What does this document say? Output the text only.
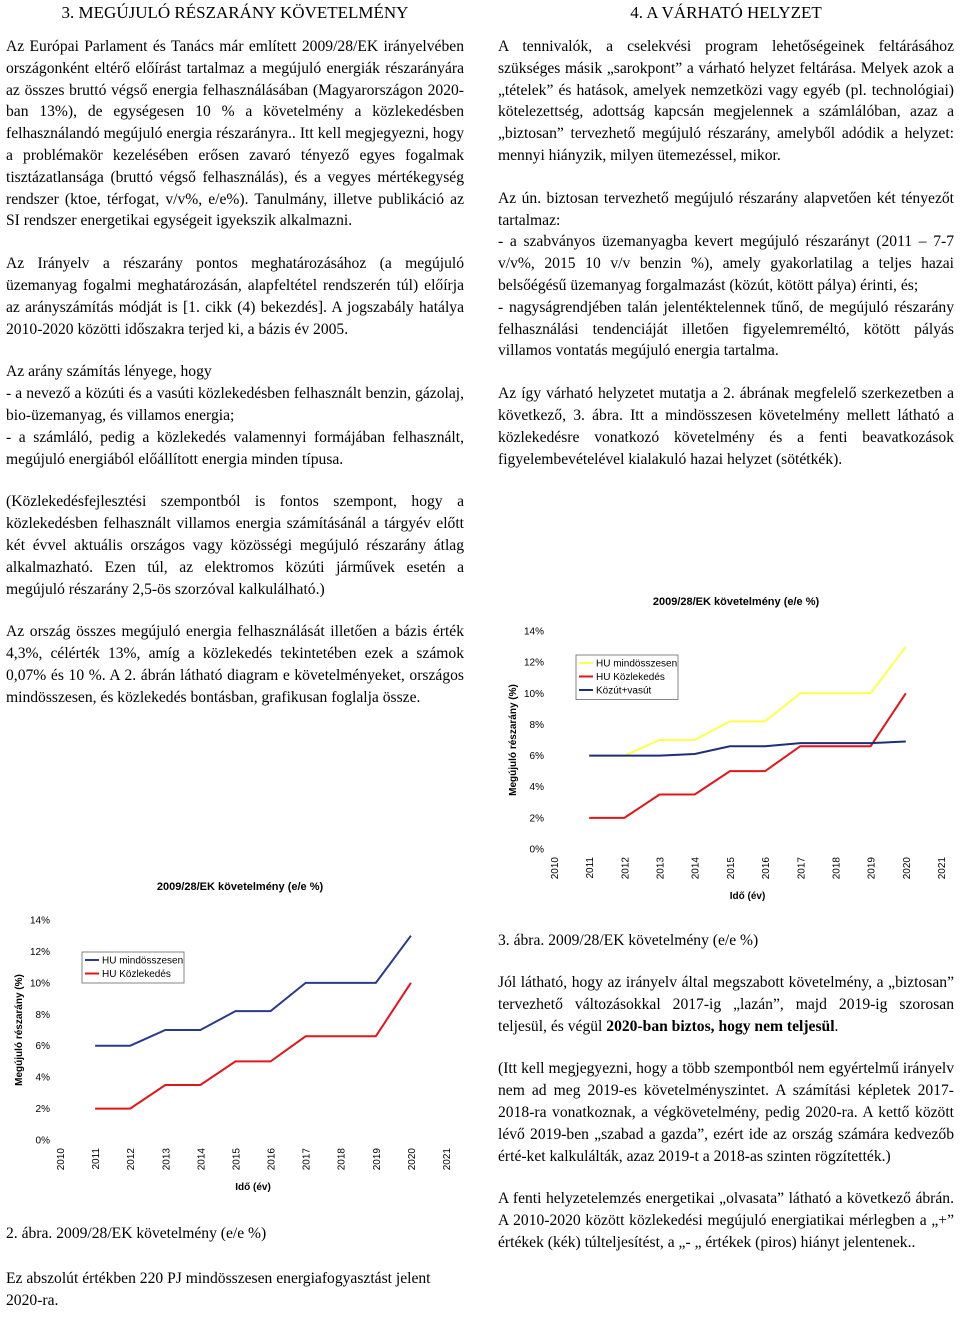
3. MEGÚJULÓ RÉSZARÁNY KÖVETELMÉNY

Az Európai Parlament és Tanács már említett 2009/28/EK irányelvében országonként eltérő előírást tartalmaz a megújuló energiák részarányára az összes bruttó végső energia felhasználásában (Magyarországon 2020-ban 13%), de egységesen 10 % a követelmény a közlekedésben felhasználandó megújuló energia részarányra.. Itt kell megjegyezni, hogy a problémakör kezelésében erősen zavaró tényező egyes fogalmak tisztázatlansága (bruttó végső felhasználás), és a vegyes mértékegység rendszer (ktoe, térfogat, v/v%, e/e%). Tanulmány, illetve publikáció az SI rendszer energetikai egységeit igyekszik alkalmazni.

Az Irányelv a részarány pontos meghatározásához (a megújuló üzemanyag fogalmi meghatározásán, alapfeltétel rendszerén túl) előírja az arányszámítás módját is [1. cikk (4) bekezdés]. A jogszabály hatálya 2010-2020 közötti időszakra terjed ki, a bázis év 2005.

Az arány számítás lényege, hogy

- a nevező a közúti és a vasúti közlekedésben felhasznált benzin, gázolaj, bio-üzemanyag, és villamos energia;

- a számláló, pedig a közlekedés valamennyi formájában felhasznált, megújuló energiából előállított energia minden típusa.

(Közlekedésfejlesztési szempontból is fontos szempont, hogy a közlekedésben felhasznált villamos energia számításánál a tárgyév előtt két évvel aktuális országos vagy közösségi megújuló részarány átlag alkalmazható. Ezen túl, az elektromos közúti járművek esetén a megújuló részarány 2,5-ös szorzóval kalkulálható.)

Az ország összes megújuló energia felhasználását illetően a bázis érték 4,3%, célérték 13%, amíg a közlekedés tekintetében ezek a számok 0,07% és 10 %. A 2. ábrán látható diagram e követelményeket, országos mindösszesen, és közlekedés bontásban, grafikusan foglalja össze.

2009/28/EK követelmény (e/e %)
0%
2%
4%
6%
8%
10%
12%
14%
2010 2011 2012 2013 2014 2015 2016 2017 2018 2019 2020 2021
Idő (év)
Megújuló részarány (%)
HU mindösszesen
HU Közlekedés
2. ábra. 2009/28/EK követelmény (e/e %)

Ez abszolút értékben 220 PJ mindösszesen energiafogyasztást jelent 2020-ra.

4. A VÁRHATÓ HELYZET

A tennivalók, a cselekvési program lehetőségeinek feltárásához szükséges másik „sarokpont” a várható helyzet feltárása. Melyek azok a „tételek” és hatások, amelyek nemzetközi vagy egyéb (pl. technológiai) kötelezettség, adottság kapcsán megjelennek a számlálóban, azaz a „biztosan” tervezhető megújuló részarány, amelyből adódik a helyzet: mennyi hiányzik, milyen ütemezéssel, mikor.

Az ún. biztosan tervezhető megújuló részarány alapvetően két tényezőt tartalmaz:

- a szabványos üzemanyagba kevert megújuló részarányt (2011 – 7-7 v/v%, 2015 10 v/v benzin %), amely gyakorlatilag a teljes hazai belsőégésű üzemanyag forgalmazást (közút, kötött pálya) érinti, és;

- nagyságrendjében talán jelentéktelennek tűnő, de megújuló részarány felhasználási tendenciáját illetően figyelemreméltó, kötött pályás villamos vontatás megújuló energia tartalma.

Az így várható helyzetet mutatja a 2. ábrának megfelelő szerkezetben a következő, 3. ábra. Itt a mindösszesen követelmény mellett látható a közlekedésre vonatkozó követelmény és a fenti beavatkozások figyelembevételével kialakuló hazai helyzet (sötétkék).

2009/28/EK követelmény (e/e %)
0%
2%
4%
6%
8%
10%
12%
14%
2010 2011 2012 2013 2014 2015 2016 2017 2018 2019 2020 2021
Idő (év)
Megújuló részarány (%)
HU mindösszesen
HU Közlekedés
Közút+vasút
3. ábra. 2009/28/EK követelmény (e/e %)

Jól látható, hogy az irányelv által megszabott követelmény, a „biztosan” tervezhető változásokkal 2017-ig „lazán”, majd 2019-ig szorosan teljesül, és végül 2020-ban biztos, hogy nem teljesül.

(Itt kell megjegyezni, hogy a több szempontból nem egyértelmű irányelv nem ad meg 2019-es követelményszintet. A számítási képletek 2017-2018-ra vonatkoznak, a végkövetelmény, pedig 2020-ra. A kettő között lévő 2019-ben „szabad a gazda”, ezért ide az ország számára kedvezőb érté-ket kalkulálták, azaz 2019-t a 2018-as szinten rögzítették.)

A fenti helyzetelemzés energetikai „olvasata” látható a következő ábrán. A 2010-2020 között közlekedési megújuló energiatikai mérlegben a „+” értékek (kék) túlteljesítést, a „- „ értékek (piros) hiányt jelentenek..
